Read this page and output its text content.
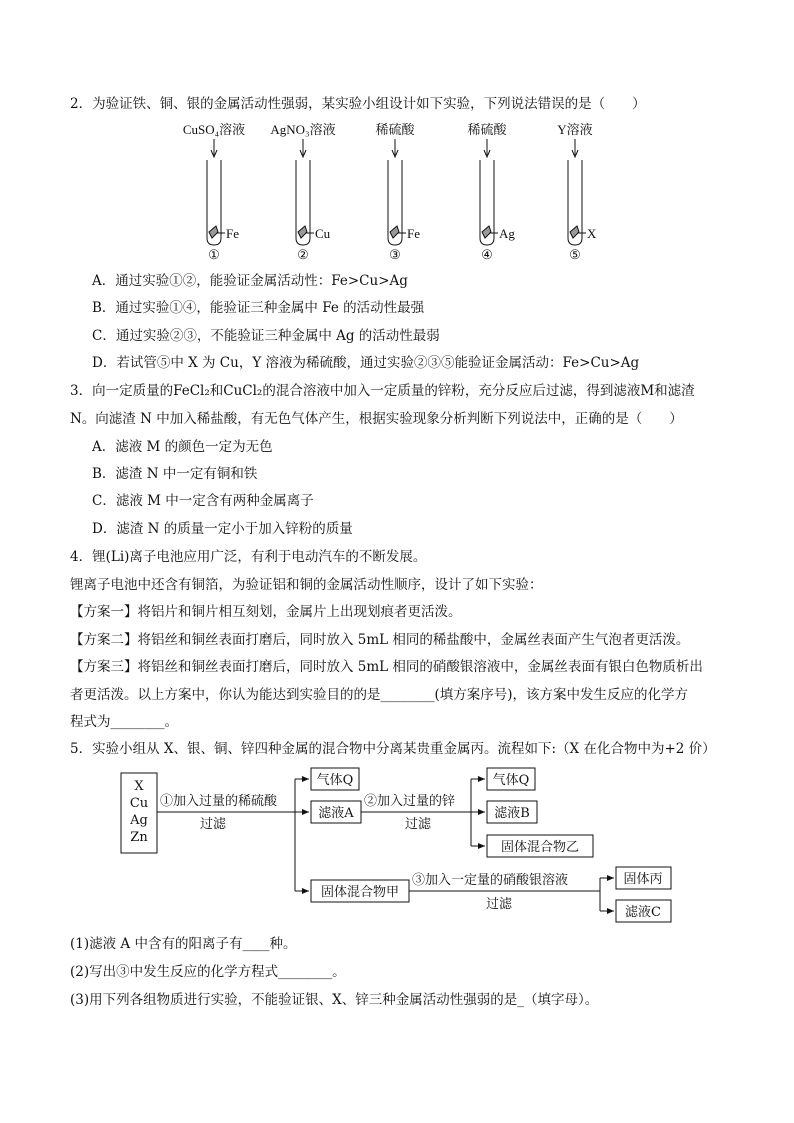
2．为验证铁、铜、银的金属活动性强弱，某实验小组设计如下实验，下列说法错误的是（　　）
CuSO₄溶液
Fe
①
AgNO₃溶液
Cu
②
稀硫酸
Fe
③
稀硫酸
Ag
④
Y溶液
X
⑤
A．通过实验①②，能验证金属活动性：Fe>Cu>Ag
B．通过实验①④，能验证三种金属中 Fe 的活动性最强
C．通过实验②③，不能验证三种金属中 Ag 的活动性最弱
D．若试管⑤中 X 为 Cu，Y 溶液为稀硫酸，通过实验②③⑤能验证金属活动：Fe>Cu>Ag
3．向一定质量的FeCl₂和CuCl₂的混合溶液中加入一定质量的锌粉，充分反应后过滤，得到滤液M和滤渣
N。向滤渣 N 中加入稀盐酸，有无色气体产生，根据实验现象分析判断下列说法中，正确的是（　　）
A．滤液 M 的颜色一定为无色
B．滤渣 N 中一定有铜和铁
C．滤液 M 中一定含有两种金属离子
D．滤渣 N 的质量一定小于加入锌粉的质量
4．锂(Li)离子电池应用广泛，有利于电动汽车的不断发展。
锂离子电池中还含有铜箔，为验证铝和铜的金属活动性顺序，设计了如下实验：
【方案一】将铝片和铜片相互刻划，金属片上出现划痕者更活泼。
【方案二】将铝丝和铜丝表面打磨后，同时放入 5mL 相同的稀盐酸中，金属丝表面产生气泡者更活泼。
【方案三】将铝丝和铜丝表面打磨后，同时放入 5mL 相同的硝酸银溶液中，金属丝表面有银白色物质析出
者更活泼。以上方案中，你认为能达到实验目的的是________(填方案序号)，该方案中发生反应的化学方
程式为________。
5．实验小组从 X、银、铜、锌四种金属的混合物中分离某贵重金属丙。流程如下:（X 在化合物中为+2 价）
X
Cu
Ag
Zn
①加入过量的稀硫酸
过滤
气体Q
滤液A
固体混合物甲
②加入过量的锌
过滤
气体Q
滤液B
固体混合物乙
③加入一定量的硝酸银溶液
过滤
固体丙
滤液C
(1)滤液 A 中含有的阳离子有____种。
(2)写出③中发生反应的化学方程式________。
(3)用下列各组物质进行实验，不能验证银、X、锌三种金属活动性强弱的是_（填字母）。
